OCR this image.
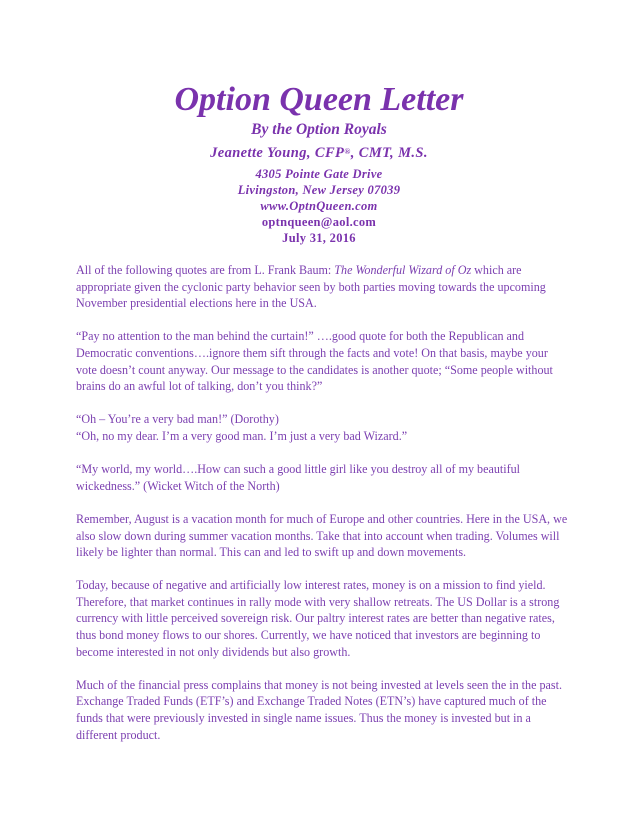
Option Queen Letter
By the Option Royals
Jeanette Young, CFP®, CMT, M.S.
4305 Pointe Gate Drive
Livingston, New Jersey 07039
www.OptnQueen.com
optnqueen@aol.com
July 31, 2016

All of the following quotes are from L. Frank Baum: The Wonderful Wizard of Oz which are appropriate given the cyclonic party behavior seen by both parties moving towards the upcoming November presidential elections here in the USA.

“Pay no attention to the man behind the curtain!” ….good quote for both the Republican and Democratic conventions….ignore them sift through the facts and vote! On that basis, maybe your vote doesn’t count anyway. Our message to the candidates is another quote; “Some people without brains do an awful lot of talking, don’t you think?”

“Oh – You’re a very bad man!” (Dorothy)

“Oh, no my dear. I’m a very good man. I’m just a very bad Wizard.”

“My world, my world….How can such a good little girl like you destroy all of my beautiful wickedness.” (Wicket Witch of the North)

Remember, August is a vacation month for much of Europe and other countries. Here in the USA, we also slow down during summer vacation months. Take that into account when trading. Volumes will likely be lighter than normal. This can and led to swift up and down movements.

Today, because of negative and artificially low interest rates, money is on a mission to find yield. Therefore, that market continues in rally mode with very shallow retreats. The US Dollar is a strong currency with little perceived sovereign risk. Our paltry interest rates are better than negative rates, thus bond money flows to our shores. Currently, we have noticed that investors are beginning to become interested in not only dividends but also growth.

Much of the financial press complains that money is not being invested at levels seen the in the past. Exchange Traded Funds (ETF’s) and Exchange Traded Notes (ETN’s) have captured much of the funds that were previously invested in single name issues. Thus the money is invested but in a different product.
